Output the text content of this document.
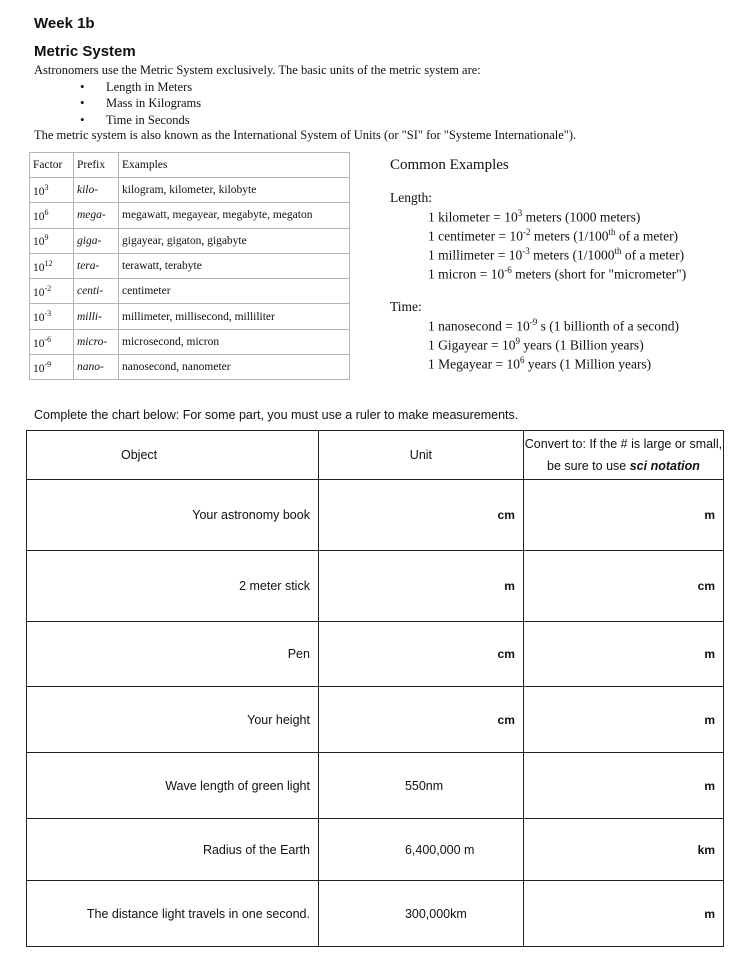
Week 1b
Metric System
Astronomers use the Metric System exclusively. The basic units of the metric system are:
• Length in Meters
• Mass in Kilograms
• Time in Seconds
The metric system is also known as the International System of Units (or "SI" for "Systeme Internationale").
Factor	Prefix	Examples
$10^3$	kilo-	kilogram, kilometer, kilobyte
$10^6$	mega-	megawatt, megayear, megabyte, megaton
$10^9$	giga-	gigayear, gigaton, gigabyte
$10^{12}$	tera-	terawatt, terabyte
$10^{-2}$	centi-	centimeter
$10^{-3}$	milli-	millimeter, millisecond, milliliter
$10^{-6}$	micro-	microsecond, micron
$10^{-9}$	nano-	nanosecond, nanometer
Common Examples
Length:
1 kilometer = $10^3$ meters (1000 meters)
1 centimeter = $10^{-2}$ meters (1/100th of a meter)
1 millimeter = $10^{-3}$ meters (1/1000th of a meter)
1 micron = $10^{-6}$ meters (short for "micrometer")
Time:
1 nanosecond = $10^{-9}$ s (1 billionth of a second)
1 Gigayear = $10^9$ years (1 Billion years)
1 Megayear = $10^6$ years (1 Million years)
Complete the chart below: For some part, you must use a ruler to make measurements.
Object	Unit	Convert to: If the # is large or small,
be sure to use sci notation

Your astronomy book	cm	m

2 meter stick	m	cm

Pen	cm	m

Your height	cm	m

Wave length of green light	550nm	m

Radius of the Earth	6,400,000 m	km

The distance light travels in one second.	300,000km	m
